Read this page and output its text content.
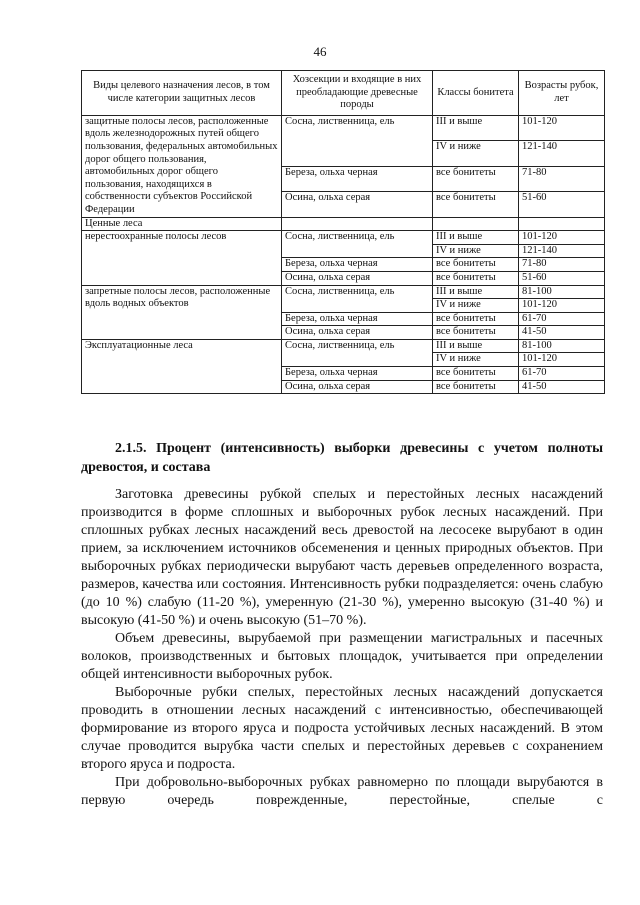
46
Виды целевого назначения лесов, в том числе категории защитных лесов	Хозсекции и входящие в них преобладающие древесные породы	Классы бонитета	Возрасты рубок, лет
защитные полосы лесов, расположенные вдоль железнодорожных путей общего пользования, федеральных автомобильных дорог общего пользования, автомобильных дорог общего пользования, находящихся в собственности субъектов Российской Федерации	Сосна, лиственница, ель	III и выше	101-120
		IV и ниже	121-140
	Береза, ольха черная	все бонитеты	71-80
	Осина, ольха серая	все бонитеты	51-60
Ценные леса			
нерестоохранные полосы лесов	Сосна, лиственница, ель	III и выше	101-120
		IV и ниже	121-140
	Береза, ольха черная	все бонитеты	71-80
	Осина, ольха серая	все бонитеты	51-60
запретные полосы лесов, расположенные вдоль водных объектов	Сосна, лиственница, ель	III и выше	81-100
		IV и ниже	101-120
	Береза, ольха черная	все бонитеты	61-70
	Осина, ольха серая	все бонитеты	41-50
Эксплуатационные леса	Сосна, лиственница, ель	III и выше	81-100
		IV и ниже	101-120
	Береза, ольха черная	все бонитеты	61-70
	Осина, ольха серая	все бонитеты	41-50
2.1.5. Процент (интенсивность) выборки древесины с учетом полноты
древостоя, и состава

Заготовка древесины рубкой спелых и перестойных лесных насаждений производится в форме сплошных и выборочных рубок лесных насаждений. При сплошных рубках лесных насаждений весь древостой на лесосеке вырубают в один прием, за исключением источников обсеменения и ценных природных объектов. При выборочных рубках периодически вырубают часть деревьев определенного возраста, размеров, качества или состояния. Интенсивность рубки подразделяется: очень слабую (до 10 %) слабую (11-20 %), умеренную (21-30 %), умеренно высокую (31-40 %) и высокую (41-50 %) и очень высокую (51–70 %).

Объем древесины, вырубаемой при размещении магистральных и пасечных волоков, производственных и бытовых площадок, учитывается при определении общей интенсивности выборочных рубок.

Выборочные рубки спелых, перестойных лесных насаждений допускается проводить в отношении лесных насаждений с интенсивностью, обеспечивающей формирование из второго яруса и подроста устойчивых лесных насаждений. В этом случае проводится вырубка части спелых и перестойных деревьев с сохранением второго яруса и подроста.

При добровольно-выборочных рубках равномерно по площади вырубаются в первую очередь поврежденные, перестойные, спелые с
